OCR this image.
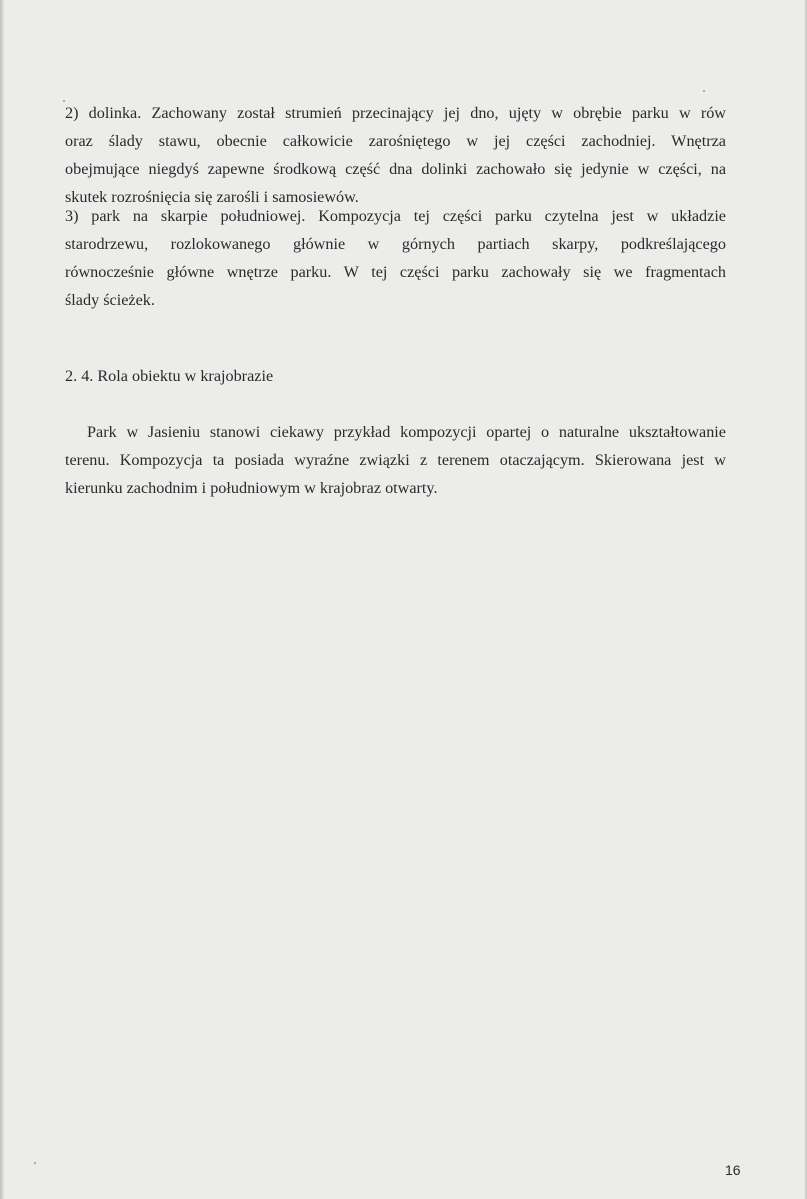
2) dolinka. Zachowany został strumień przecinający jej dno, ujęty w obrębie parku w rów

oraz ślady stawu, obecnie całkowicie zarośniętego w jej części zachodniej. Wnętrza

obejmujące niegdyś zapewne środkową część dna dolinki zachowało się jedynie w części, na

skutek rozrośnięcia się zarośli i samosiewów.

3) park na skarpie południowej. Kompozycja tej części parku czytelna jest w układzie

starodrzewu, rozlokowanego głównie w górnych partiach skarpy, podkreślającego

równocześnie główne wnętrze parku. W tej części parku zachowały się we fragmentach

ślady ścieżek.

2. 4. Rola obiektu w krajobrazie

Park w Jasieniu stanowi ciekawy przykład kompozycji opartej o naturalne ukształtowanie

terenu. Kompozycja ta posiada wyraźne związki z terenem otaczającym. Skierowana jest w

kierunku zachodnim i południowym w krajobraz otwarty.

16
